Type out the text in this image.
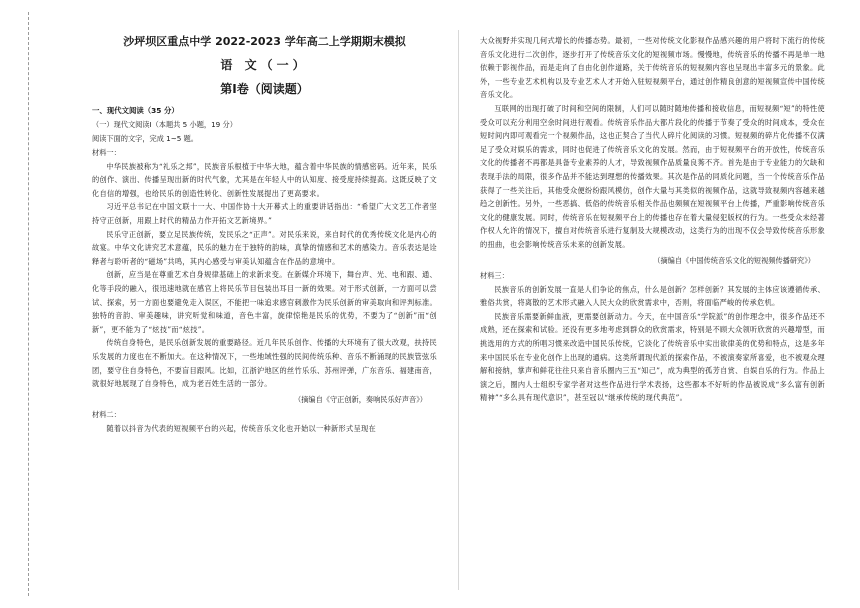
沙坪坝区重点中学 2022-2023 学年高二上学期期末模拟
语 文（一）
第Ⅰ卷（阅读题）
一、现代文阅读（35 分）
（一）现代文阅读Ⅰ（本题共 5 小题，19 分）
阅读下面的文字，完成 1~5 题。
材料一：

中华民族被称为“礼乐之邦”，民族音乐根植于中华大地，蕴含着中华民族的情感密码。近年来，民乐的创作、演出、传播呈现出新的时代气象，尤其是在年轻人中的认知度、接受度持续提高。这既反映了文化自信的增强，也给民乐的创造性转化、创新性发展提出了更高要求。

习近平总书记在中国文联十一大、中国作协十大开幕式上的重要讲话指出：“希望广大文艺工作者坚持守正创新，用跟上时代的精品力作开拓文艺新境界。”

民乐守正创新，要立足民族传统，发民乐之“正声”。对民乐来说，来自时代的优秀传统文化是内心的故宴。中华文化讲究艺术意蕴，民乐的魅力在于独特的韵味，真挚的情感和艺术的感染力。音乐表达是诠释者与聆听者的“磁场”共鸣，其内心感受与审美认知蕴含在作品的意境中。

创新，应当是在尊重艺术自身规律基础上的求新求变。在新媒介环境下，舞台声、光、电和跟、通、化等手段的融入，很迅速地就在感官上将民乐节目包装出耳目一新的效果。对于形式创新，一方面可以尝试、探索，另一方面也要避免走入误区，不能把一味追求感官刺激作为民乐创新的审美取向和评判标准。独特的音韵、审美趣味，讲究听觉和味道，音色丰富，旋律惊艳是民乐的优势，不要为了“创新”而“创新”，更不能为了“炫技”而“炫技”。

传统自身特色，是民乐创新发展的重要路径。近几年民乐创作、传播的大环境有了很大改观，扶持民乐发展的力度也在不断加大。在这种情况下，一些地域性强的民间传统乐种、音乐不断涌现的民族管弦乐团，要守住自身特色，不要盲目跟风。比如，江浙沪地区的丝竹乐乐、苏州评弹，广东音乐、福建南音，就很好地展现了自身特色，成为老百姓生活的一部分。

（摘编自《守正创新，奏响民乐好声音》）
材料二：

随着以抖音为代表的短视频平台的兴起，传统音乐文化也开始以一种新形式呈现在

大众视野并实现几何式增长的传播态势。最初，一些对传统文化影视作品感兴趣的用户将时下流行的传统音乐文化进行二次创作，逐步打开了传统音乐文化的短视频市场。慢慢地，传统音乐的传播不再是单一地依赖于影视作品，而是走向了自由化创作道路，关于传统音乐的短视频内容也呈现出丰富多元的景象。此外，一些专业艺术机构以及专业艺术人才开始入驻短视频平台，通过创作精良创意的短视频宣传中国传统音乐文化。

互联网的出现打破了时间和空间的限制，人们可以随时随地传播和接收信息，而短视频“短”的特性使受众可以充分利用空余时间进行观看。传统音乐作品大都片段化的传播于节奏了受众的时间成本，受众在短时间内即可观看完一个视频作品，这也正契合了当代人碎片化阅读的习惯。短视频的碎片化传播不仅满足了受众对娱乐的需求，同时也促进了传统音乐文化的发展。然而，由于短视频平台的开放性，传统音乐文化的传播者不再都是具备专业素养的人才，导致视频作品质量良莠不齐。首先是由于专业能力的欠缺和表现手法的局限，很多作品并不能达到理想的传播效果。其次是作品的同质化问题，当一个传统音乐作品获得了一些关注后，其他受众便纷纷跟风模仿，创作大量与其类似的视频作品，这就导致视频内容越来越趋之创新性。另外，一些恶搞、低俗的传统音乐相关作品也频频在短视频平台上传播，严重影响传统音乐文化的健康发展。同时，传统音乐在短视频平台上的传播也存在着大量侵犯版权的行为。一些受众未经著作权人允许的情况下，擅自对传统音乐进行复制及大规模改动，这类行为的出现不仅会导致传统音乐形象的扭曲，也会影响传统音乐未来的创新发展。

（摘编自《中国传统音乐文化的短视频传播研究》）
材料三：

民族音乐的创新发展一直是人们争论的焦点，什么是创新？怎样创新？其发展的主体应该遵循传承、雅俗共赏，将离散的艺术形式融入人民大众的欣赏需求中，否则，将面临严峻的传承危机。

民族音乐需要新鲜血液，更需要创新动力。今天，在中国音乐“学院派”的创作理念中，很多作品还不成熟，还在探索和试验。还没有更多地考虑到群众的欣赏需求，特别是不顾大众领听欣赏的兴趣增型，而挑选用的方式的所唱习惯来改造中国民乐传统，它淡化了传统音乐中实出欲律美的优势和特点，这是多年来中国民乐在专业化创作上出现的通病。这类所谓现代派的探索作品，不被演奏家所喜爱，也不被观众理解和接纳，掌声和鲜花往往只来自音乐圈内三五“知己”，成为典型的孤芳自赏、自娱自乐的行为。作品上演之后，圈内人士组织专家学者对这些作品进行学术表扬，这些都本不好听的作品被说成“多么富有创新精神”“多么具有现代意识”，甚至冠以“继承传统的现代典范”。
